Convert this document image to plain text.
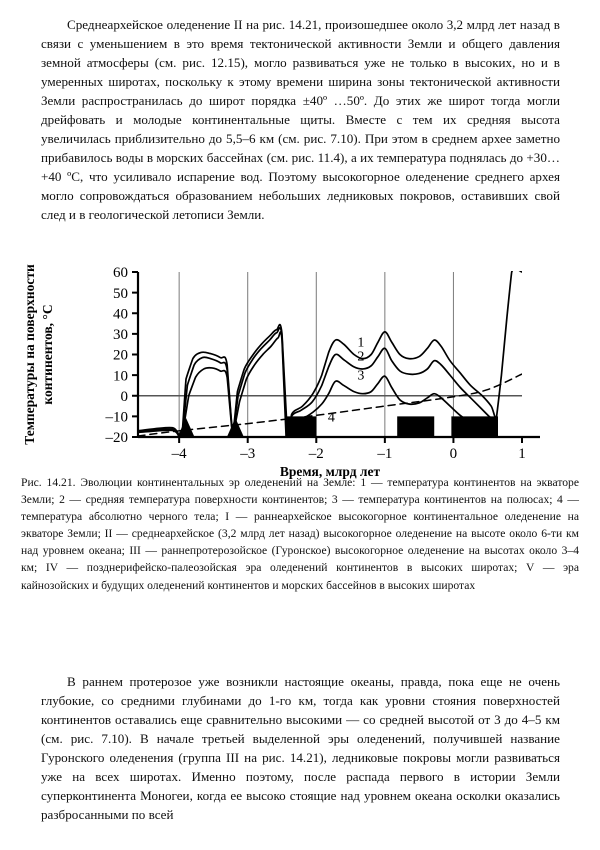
Среднеархейское оледенение II на рис. 14.21, произошедшее около 3,2 млрд лет назад в связи с уменьшением в это время тектонической активности Земли и общего давления земной атмосферы (см. рис. 12.15), могло развиваться уже не только в высоких, но и в умеренных широтах, поскольку к этому времени ширина зоны тектонической активности Земли распространилась до широт порядка ±40º …50º. До этих же широт тогда могли дрейфовать и молодые континентальные щиты. Вместе с тем их средняя высота увеличилась приблизительно до 5,5–6 км (см. рис. 7.10). При этом в среднем архее заметно прибавилось воды в морских бассейнах (см. рис. 11.4), а их температура поднялась до +30…+40 ºС, что усиливало испарение вод. Поэтому высокогорное оледенение среднего архея могло сопровождаться образованием небольших ледниковых покровов, оставивших свой след и в геологической летописи Земли.

1
2
3
4
–20
–10
0
10
20
30
40
50
60
–4	–3	–2	–1	0	1
Время, млрд лет
Температуры на поверхности континентов, °С
Рис. 14.21. Эволюции континентальных эр оледенений на Земле: 1 — температура континентов на экваторе Земли; 2 — средняя температура поверхности континентов; 3 — температура континентов на полюсах; 4 — температура абсолютно черного тела; I — раннеархейское высокогорное континентальное оледенение на экваторе Земли; II — среднеархейское (3,2 млрд лет назад) высокогорное оледенение на высоте около 6-ти км над уровнем океана; III — раннепротерозойское (Гуронское) высокогорное оледенение на высотах около 3–4 км; IV — позднерифейско-палеозойская эра оледенений континентов в высоких широтах; V — эра кайнозойских и будущих оледенений континентов и морских бассейнов в высоких широтах

В раннем протерозое уже возникли настоящие океаны, правда, пока еще не очень глубокие, со средними глубинами до 1-го км, тогда как уровни стояния поверхностей континентов оставались еще сравнительно высокими — со средней высотой от 3 до 4–5 км (см. рис. 7.10). В начале третьей выделенной эры оледенений, получившей название Гуронского оледенения (группа III на рис. 14.21), ледниковые покровы могли развиваться уже на всех широтах. Именно поэтому, после распада первого в истории Земли суперконтинента Моногеи, когда ее высоко стоящие над уровнем океана осколки оказались разбросанными по всей
